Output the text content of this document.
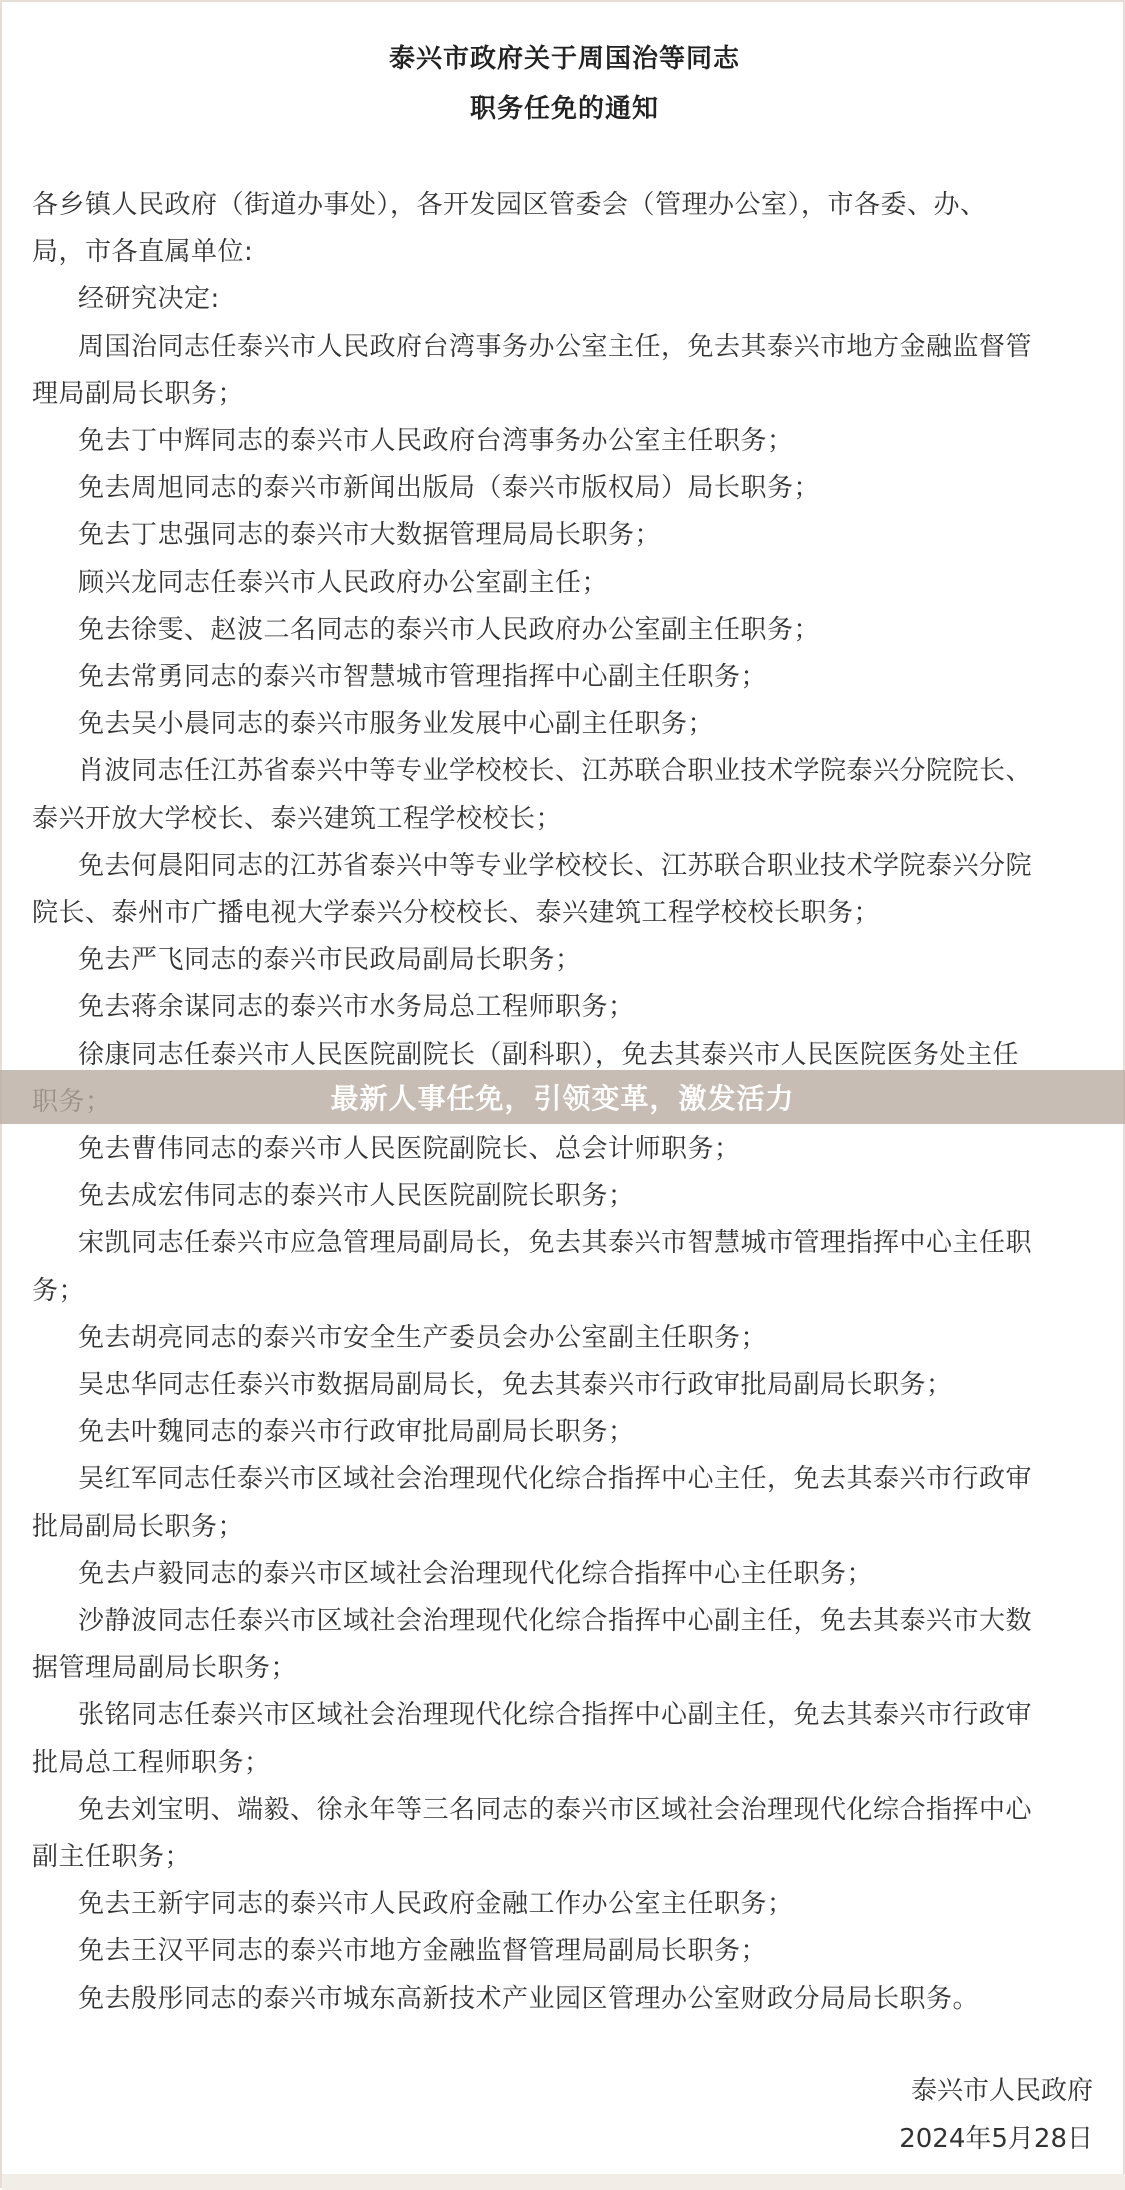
泰兴市政府关于周国治等同志
职务任免的通知
各乡镇人民政府（街道办事处），各开发园区管委会（管理办公室），市各委、办、
局，市各直属单位:
经研究决定:
周国治同志任泰兴市人民政府台湾事务办公室主任，免去其泰兴市地方金融监督管
理局副局长职务；
免去丁中辉同志的泰兴市人民政府台湾事务办公室主任职务；
免去周旭同志的泰兴市新闻出版局（泰兴市版权局）局长职务；
免去丁忠强同志的泰兴市大数据管理局局长职务；
顾兴龙同志任泰兴市人民政府办公室副主任；
免去徐雯、赵波二名同志的泰兴市人民政府办公室副主任职务；
免去常勇同志的泰兴市智慧城市管理指挥中心副主任职务；
免去吴小晨同志的泰兴市服务业发展中心副主任职务；
肖波同志任江苏省泰兴中等专业学校校长、江苏联合职业技术学院泰兴分院院长、
泰兴开放大学校长、泰兴建筑工程学校校长；
免去何晨阳同志的江苏省泰兴中等专业学校校长、江苏联合职业技术学院泰兴分院
院长、泰州市广播电视大学泰兴分校校长、泰兴建筑工程学校校长职务；
免去严飞同志的泰兴市民政局副局长职务；
免去蒋余谋同志的泰兴市水务局总工程师职务；
徐康同志任泰兴市人民医院副院长（副科职），免去其泰兴市人民医院医务处主任
免去曹伟同志的泰兴市人民医院副院长、总会计师职务；
免去成宏伟同志的泰兴市人民医院副院长职务；
宋凯同志任泰兴市应急管理局副局长，免去其泰兴市智慧城市管理指挥中心主任职
务；
免去胡亮同志的泰兴市安全生产委员会办公室副主任职务；
吴忠华同志任泰兴市数据局副局长，免去其泰兴市行政审批局副局长职务；
免去叶魏同志的泰兴市行政审批局副局长职务；
吴红军同志任泰兴市区域社会治理现代化综合指挥中心主任，免去其泰兴市行政审
批局副局长职务；
免去卢毅同志的泰兴市区域社会治理现代化综合指挥中心主任职务；
沙静波同志任泰兴市区域社会治理现代化综合指挥中心副主任，免去其泰兴市大数
据管理局副局长职务；
张铭同志任泰兴市区域社会治理现代化综合指挥中心副主任，免去其泰兴市行政审
批局总工程师职务；
免去刘宝明、端毅、徐永年等三名同志的泰兴市区域社会治理现代化综合指挥中心
副主任职务；
免去王新宇同志的泰兴市人民政府金融工作办公室主任职务；
免去王汉平同志的泰兴市地方金融监督管理局副局长职务；
免去殷彤同志的泰兴市城东高新技术产业园区管理办公室财政分局局长职务。
泰兴市人民政府
2024年5月28日
最新人事任免，引领变革，激发活力
